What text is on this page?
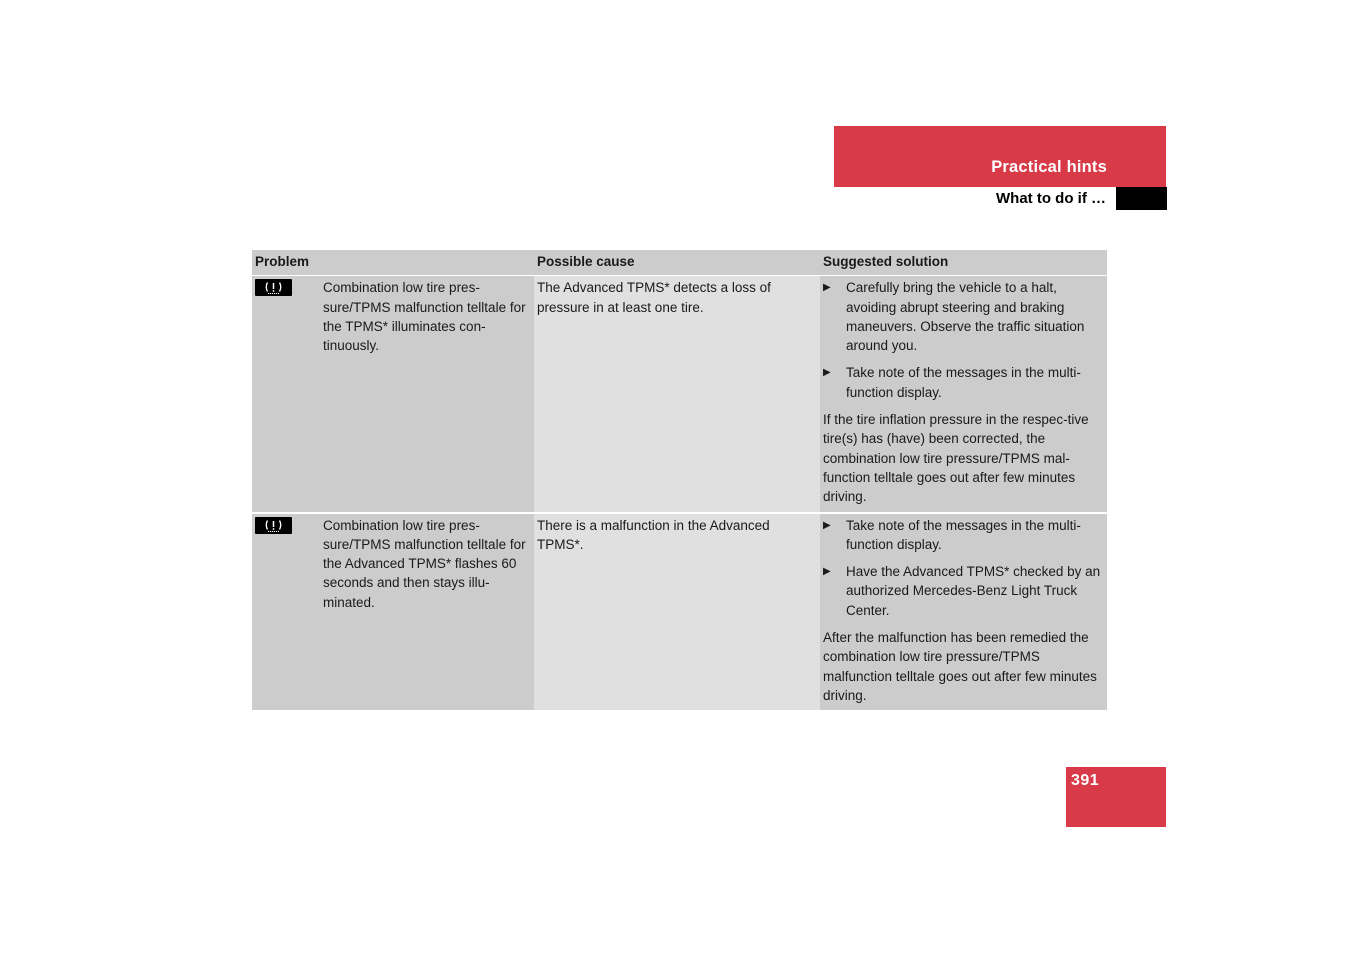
Practical hints
What to do if …
Problem	Possible cause	Suggested solution

Combination low tire pres-sure/TPMS malfunction telltale for the TPMS* illuminates con-tinuously.	The Advanced TPMS* detects a loss of pressure in at least one tire.	▶ Carefully bring the vehicle to a halt, avoiding abrupt steering and braking maneuvers. Observe the traffic situation around you.
▶ Take note of the messages in the multi-function display.
If the tire inflation pressure in the respec-tive tire(s) has (have) been corrected, the combination low tire pressure/TPMS mal-function telltale goes out after few minutes driving.

Combination low tire pres-sure/TPMS malfunction telltale for the Advanced TPMS* flashes 60 seconds and then stays illu-minated.	There is a malfunction in the Advanced TPMS*.	▶ Take note of the messages in the multi-function display.
▶ Have the Advanced TPMS* checked by an authorized Mercedes-Benz Light Truck Center.
After the malfunction has been remedied the combination low tire pressure/TPMS malfunction telltale goes out after few minutes driving.
391
